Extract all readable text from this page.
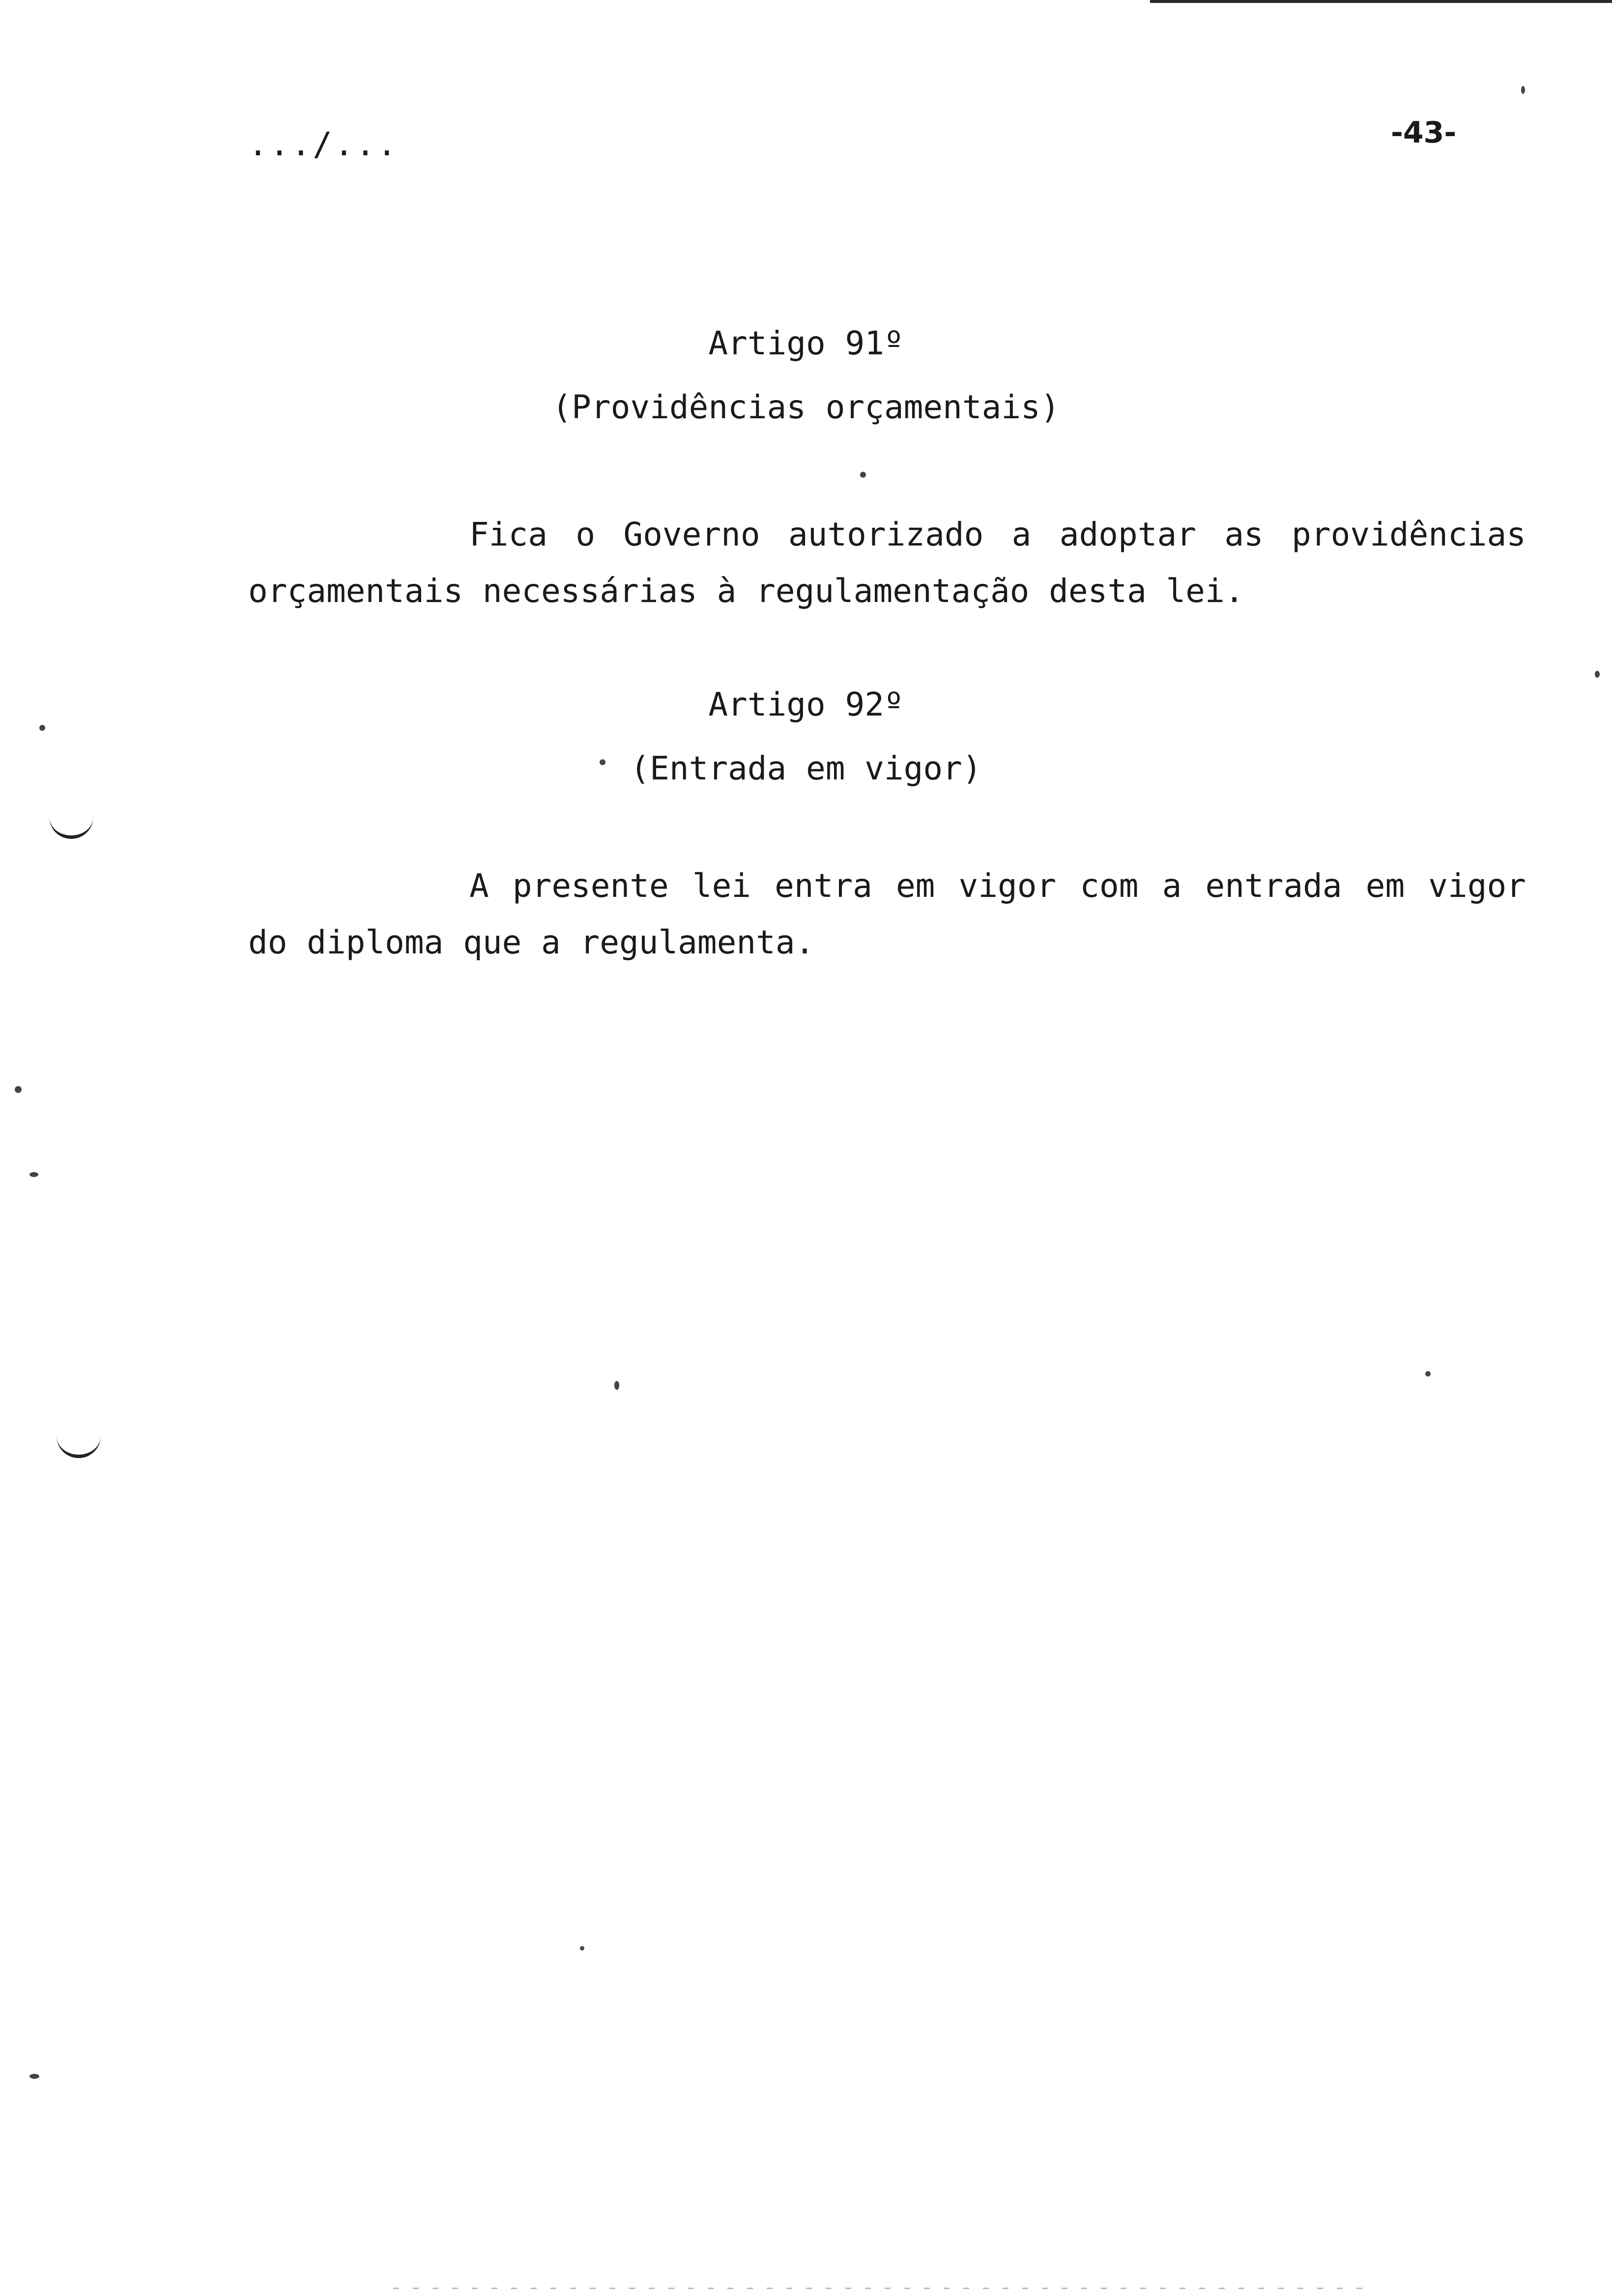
.../...	-43-
Artigo 91º
(Providências orçamentais)

Fica o Governo autorizado a adoptar as providências orçamentais necessárias à regulamentação desta lei.

Artigo 92º
(Entrada em vigor)

A presente lei entra em vigor com a entrada em vigor do diploma que a regulamenta.
